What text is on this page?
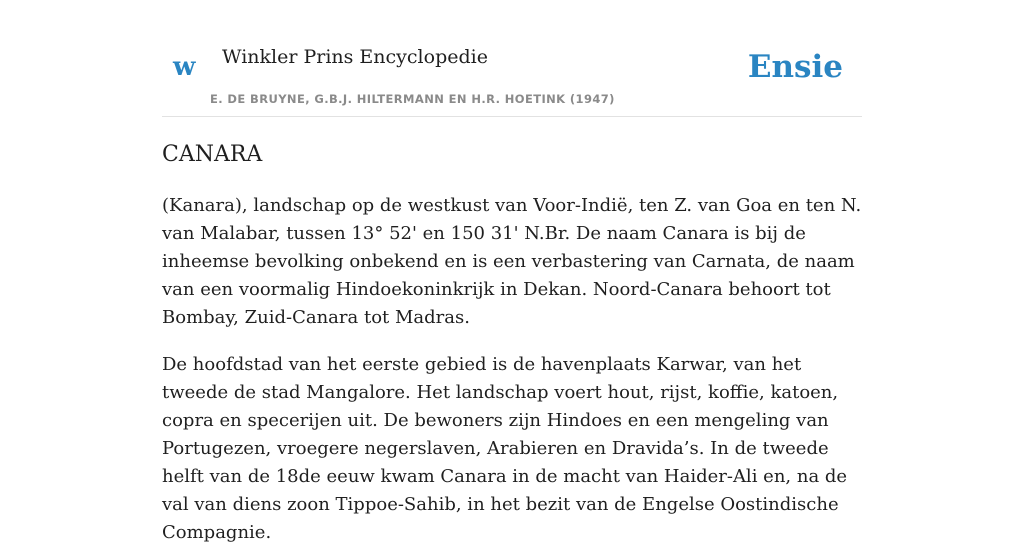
w Winkler Prins Encyclopedie
E. DE BRUYNE, G.B.J. HILTERMANN EN H.R. HOETINK (1947)
Ensie
CANARA

(Kanara), landschap op de westkust van Voor-Indië, ten Z. van Goa en ten N. van Malabar, tussen 13° 52' en 150 31' N.Br. De naam Canara is bij de inheemse bevolking onbekend en is een verbastering van Carnata, de naam van een voormalig Hindoekoninkrijk in Dekan. Noord-Canara behoort tot Bombay, Zuid-Canara tot Madras.

De hoofdstad van het eerste gebied is de havenplaats Karwar, van het tweede de stad Mangalore. Het landschap voert hout, rijst, koffie, katoen, copra en specerijen uit. De bewoners zijn Hindoes en een mengeling van Portugezen, vroegere negerslaven, Arabieren en Dravida’s. In de tweede helft van de 18de eeuw kwam Canara in de macht van Haider-Ali en, na de val van diens zoon Tippoe-Sahib, in het bezit van de Engelse Oostindische Compagnie.
